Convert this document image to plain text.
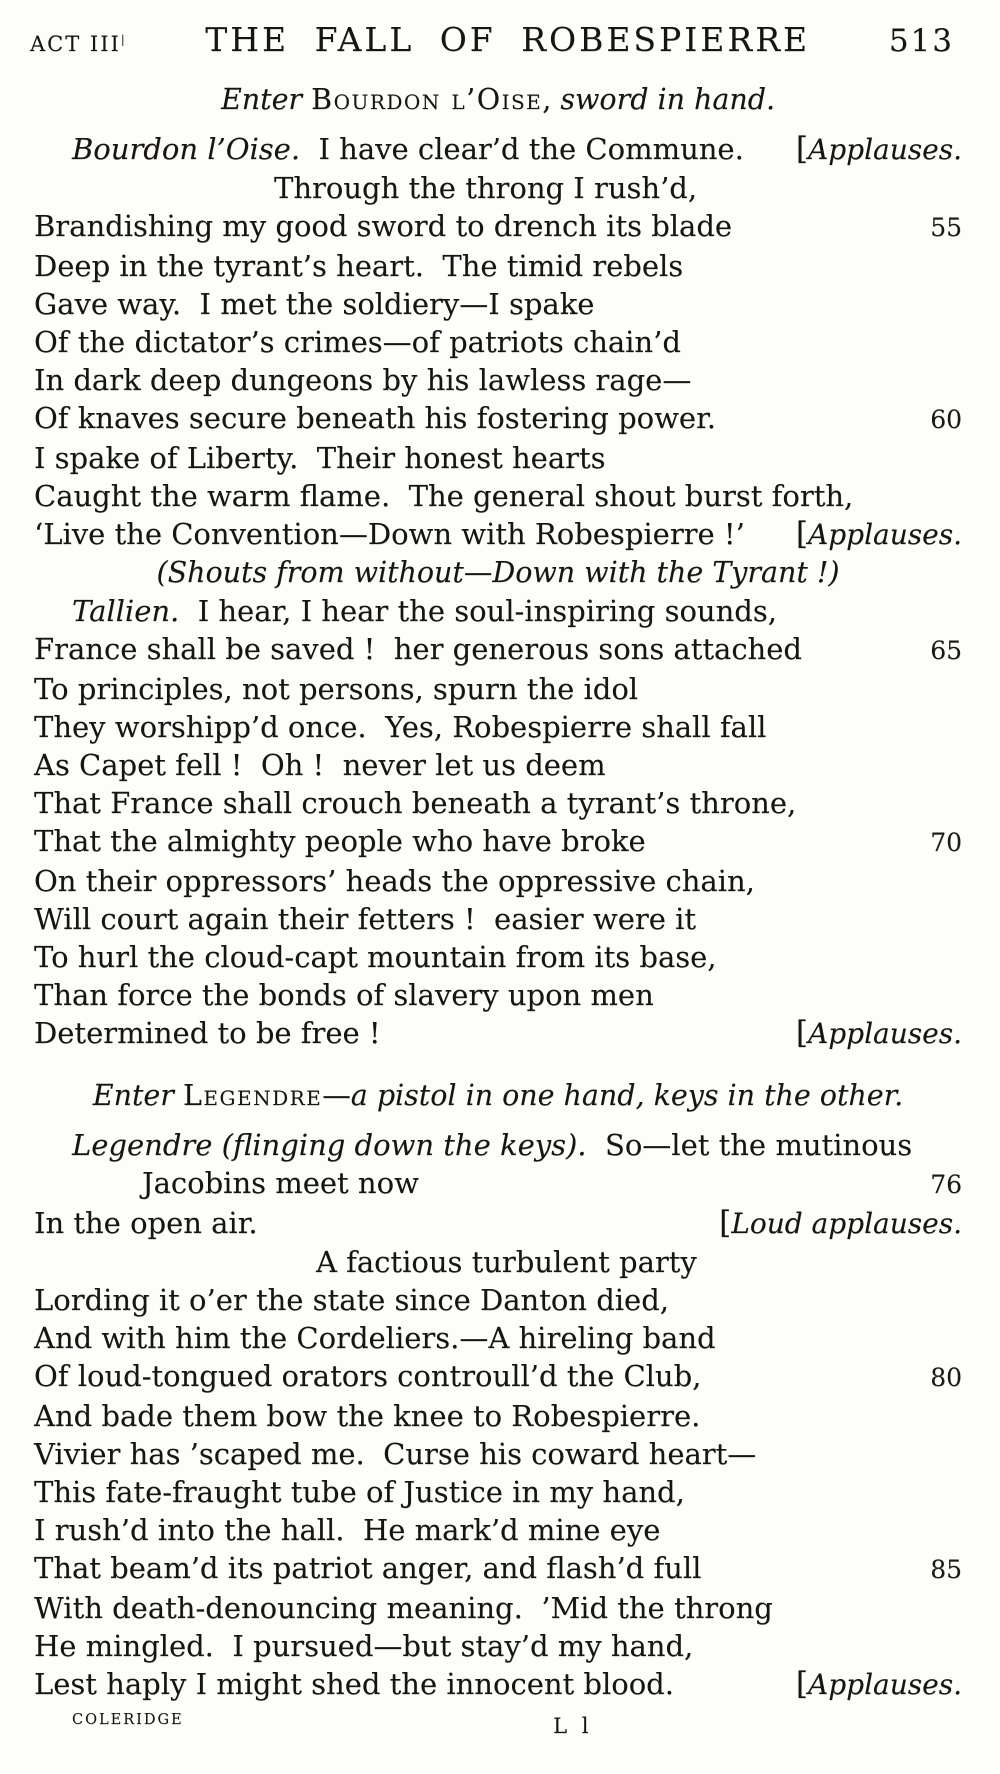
ACT III|	THE FALL OF ROBESPIERRE	513
Enter Bourdon l’Oise, sword in hand.
Bourdon l’Oise.  I have clear’d the Commune. [Applauses.
Through the throng I rush’d,
Brandishing my good sword to drench its blade	55
Deep in the tyrant’s heart.  The timid rebels
Gave way.  I met the soldiery—I spake
Of the dictator’s crimes—of patriots chain’d
In dark deep dungeons by his lawless rage—
Of knaves secure beneath his fostering power.	60
I spake of Liberty.  Their honest hearts
Caught the warm flame.  The general shout burst forth,
‘Live the Convention—Down with Robespierre !’ [Applauses.
(Shouts from without—Down with the Tyrant !)
Tallien.  I hear, I hear the soul-inspiring sounds,
France shall be saved !  her generous sons attached	65
To principles, not persons, spurn the idol
They worshipp’d once.  Yes, Robespierre shall fall
As Capet fell !  Oh !  never let us deem
That France shall crouch beneath a tyrant’s throne,
That the almighty people who have broke	70
On their oppressors’ heads the oppressive chain,
Will court again their fetters !  easier were it
To hurl the cloud-capt mountain from its base,
Than force the bonds of slavery upon men
Determined to be free !	[Applauses.
Enter Legendre—a pistol in one hand, keys in the other.
Legendre (flinging down the keys).  So—let the mutinous
Jacobins meet now	76
In the open air.	[Loud applauses.
A factious turbulent party
Lording it o’er the state since Danton died,
And with him the Cordeliers.—A hireling band
Of loud-tongued orators controull’d the Club,	80
And bade them bow the knee to Robespierre.
Vivier has ’scaped me.  Curse his coward heart—
This fate-fraught tube of Justice in my hand,
I rush’d into the hall.  He mark’d mine eye
That beam’d its patriot anger, and flash’d full	85
With death-denouncing meaning.  ’Mid the throng
He mingled.  I pursued—but stay’d my hand,
Lest haply I might shed the innocent blood.	[Applauses.
COLERIDGE	L l
